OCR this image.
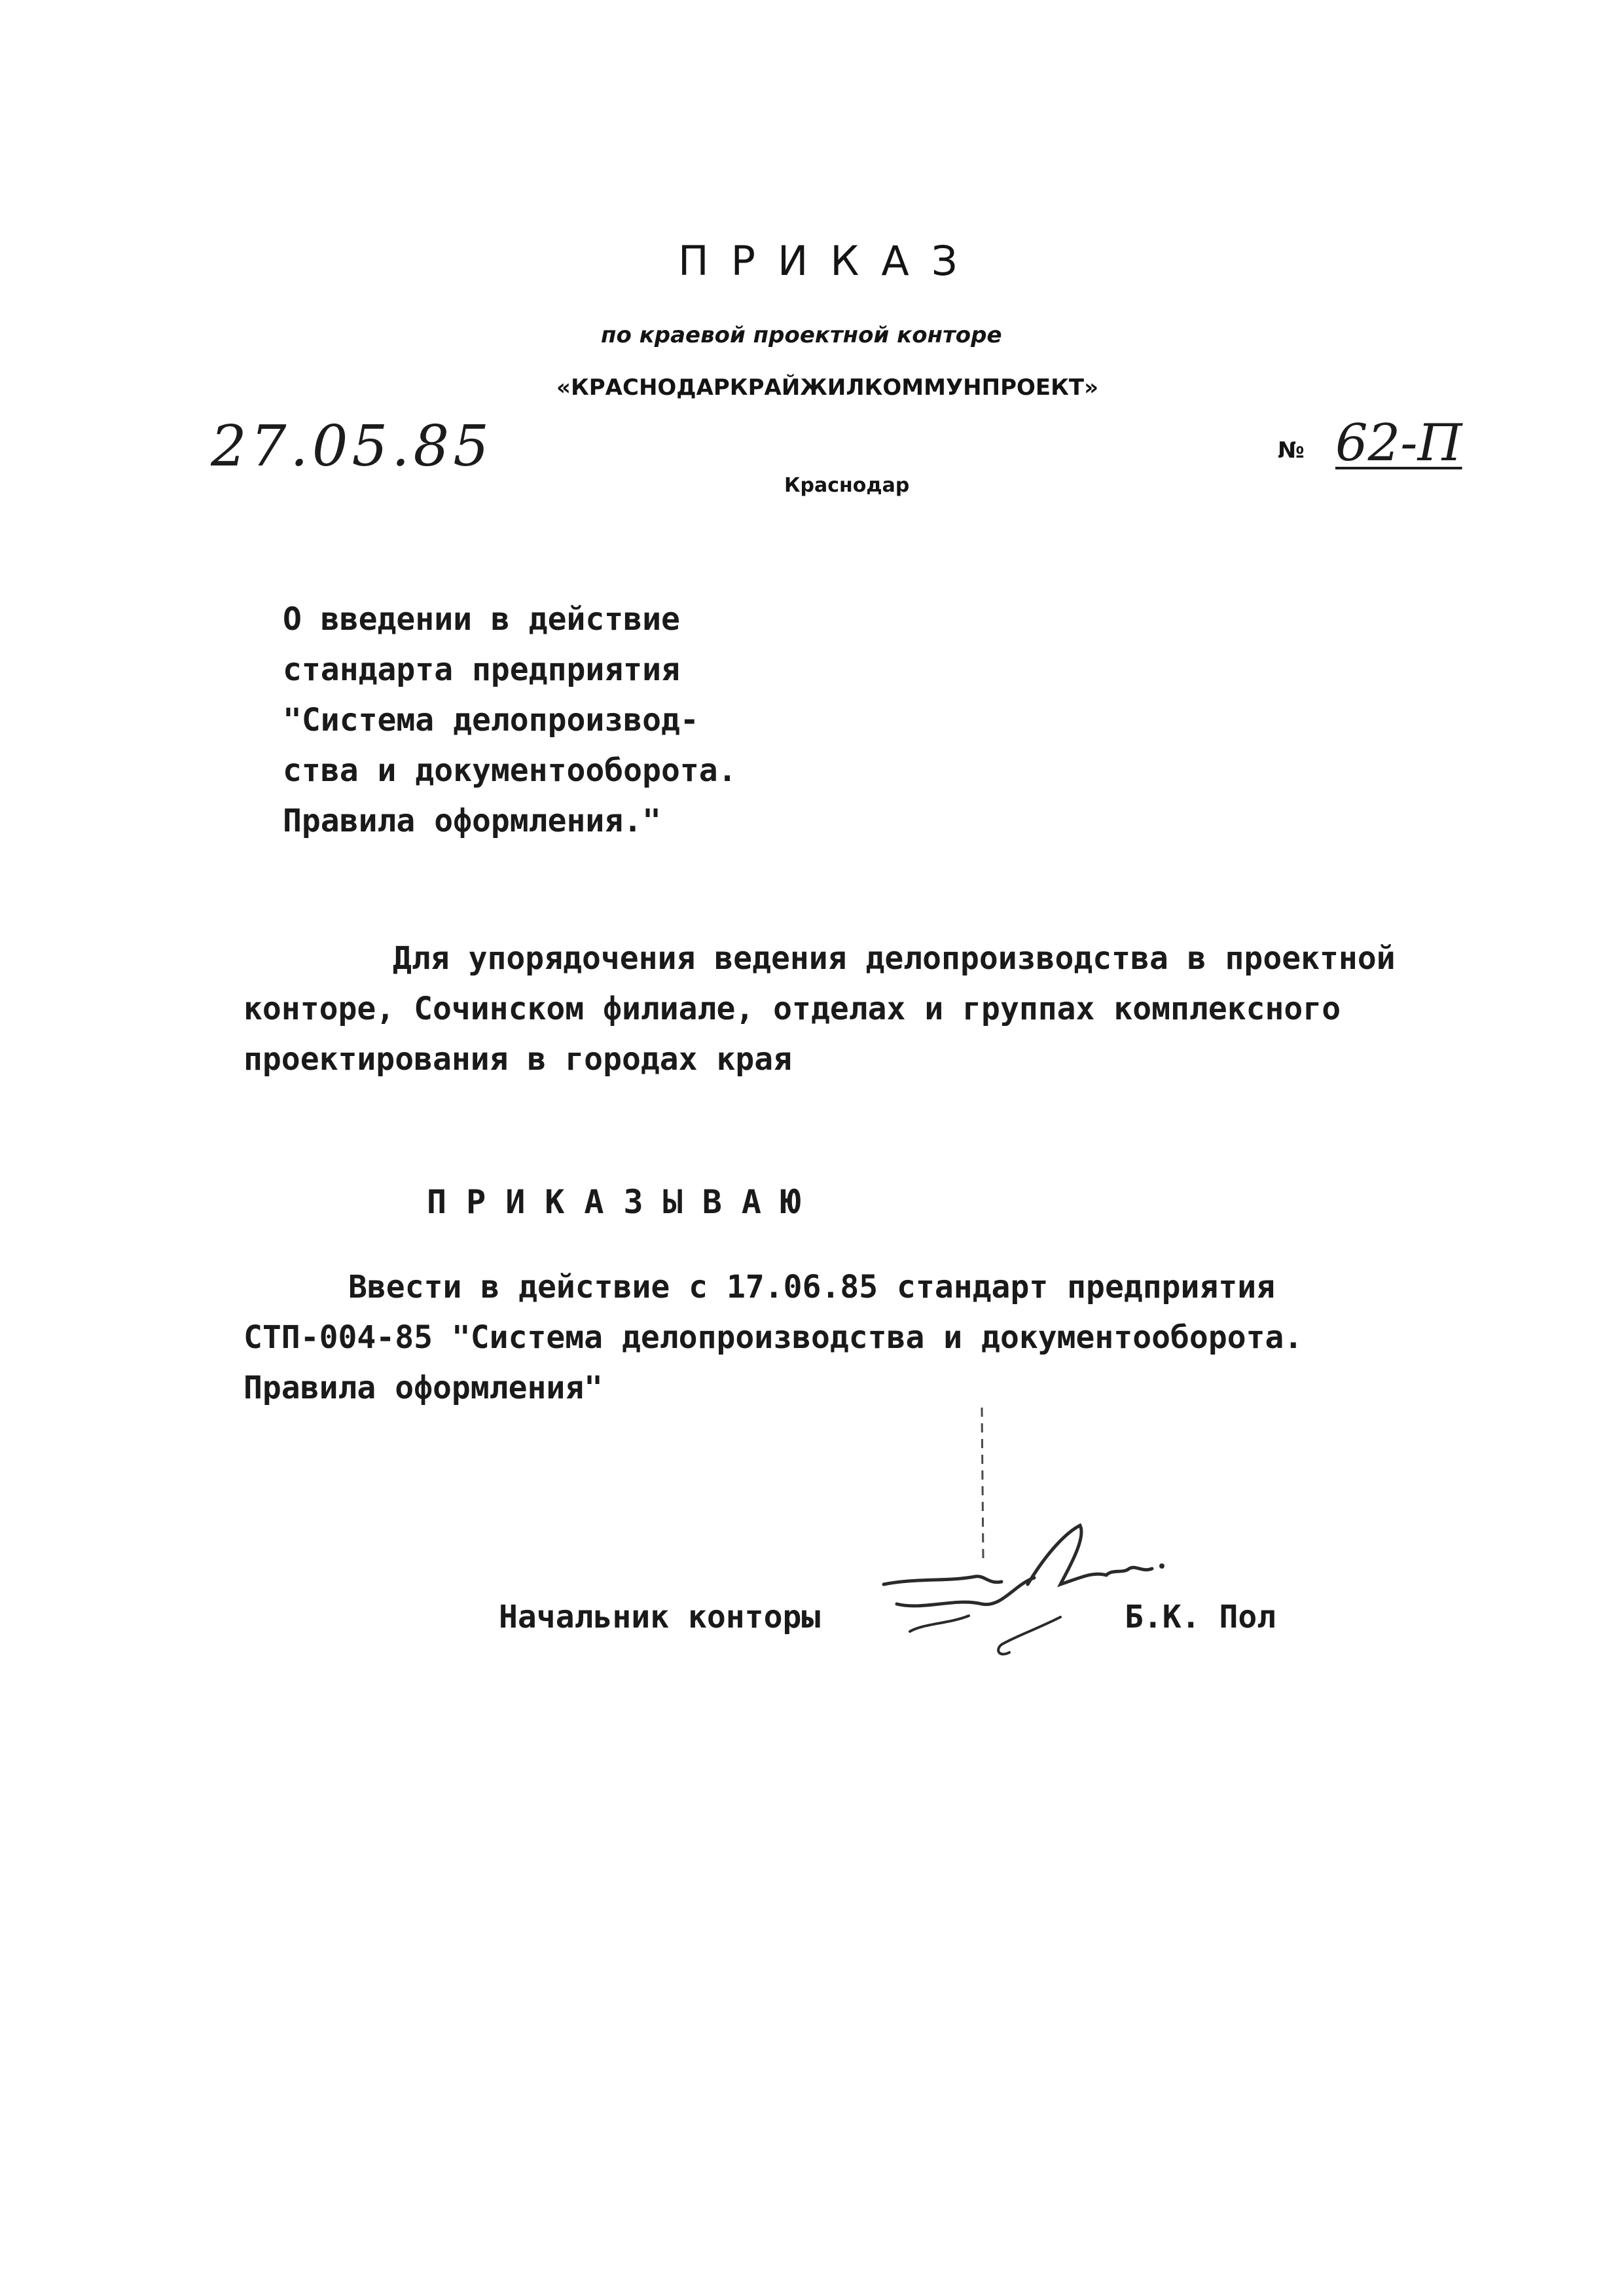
ПРИКАЗ
по краевой проектной конторе
«КРАСНОДАРКРАЙЖИЛКОММУНПРОЕКТ»
27.05.85
Краснодар
№ 62-П
О введении в действие
стандарта предприятия
"Система делопроизвод-
ства и документооборота.
Правила оформления."
Для упорядочения ведения делопроизводства в проектной
конторе, Сочинском филиале, отделах и группах комплексного
проектирования в городах края
ПРИКАЗЫВАЮ
Ввести в действие с 17.06.85 стандарт предприятия
СТП-004-85 "Система делопроизводства и документооборота.
Правила оформления"
Начальник конторы	Б.К. Пол
